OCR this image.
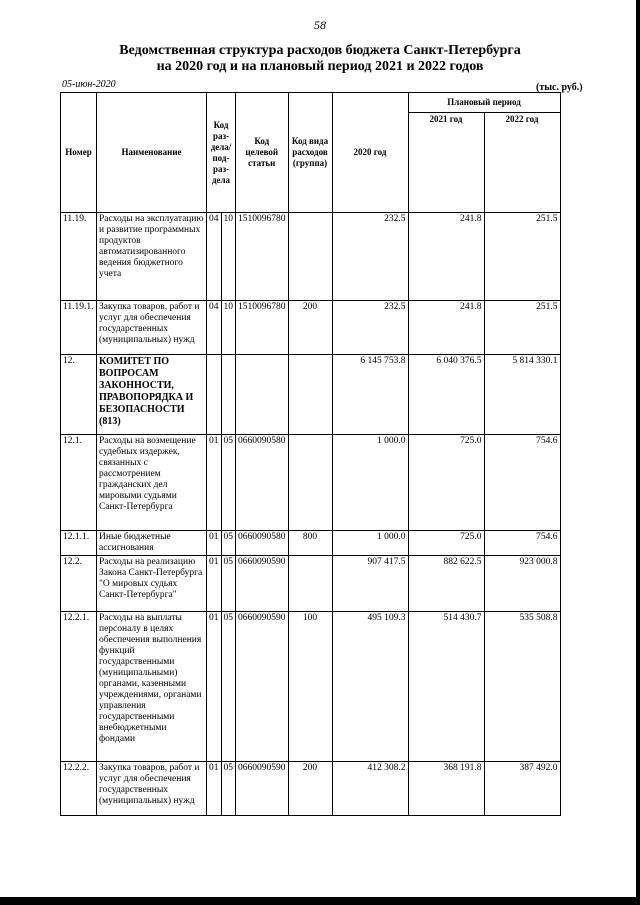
58
Ведомственная структура расходов бюджета Санкт-Петербурга
на 2020 год и на плановый период 2021 и 2022 годов
05-июн-2020	(тыс. руб.)
Номер	Наименование	Код раз-дела/ под-раз-дела		Код целевой статьи	Код вида расходов (группа)	2020 год	Плановый период	
							2021 год	2022 год
11.19.	Расходы на эксплуатацию и развитие программных продуктов автоматизированного ведения бюджетного учета	04	10	1510096780		232.5	241.8	251.5
11.19.1.	Закупка товаров, работ и услуг для обеспечения государственных (муниципальных) нужд	04	10	1510096780	200	232.5	241.8	251.5
12.	КОМИТЕТ ПО ВОПРОСАМ ЗАКОННОСТИ, ПРАВОПОРЯДКА И БЕЗОПАСНОСТИ (813)					6 145 753.8	6 040 376.5	5 814 330.1
12.1.	Расходы на возмещение судебных издержек, связанных с рассмотрением гражданских дел мировыми судьями Санкт-Петербурга	01	05	0660090580		1 000.0	725.0	754.6
12.1.1.	Иные бюджетные ассигнования	01	05	0660090580	800	1 000.0	725.0	754.6
12.2.	Расходы на реализацию Закона Санкт-Петербурга "О мировых судьях Санкт-Петербурга"	01	05	0660090590		907 417.5	882 622.5	923 000.8
12.2.1.	Расходы на выплаты персоналу в целях обеспечения выполнения функций государственными (муниципальными) органами, казенными учреждениями, органами управления государственными внебюджетными фондами	01	05	0660090590	100	495 109.3	514 430.7	535 508.8
12.2.2.	Закупка товаров, работ и услуг для обеспечения государственных (муниципальных) нужд	01	05	0660090590	200	412 308.2	368 191.8	387 492.0
